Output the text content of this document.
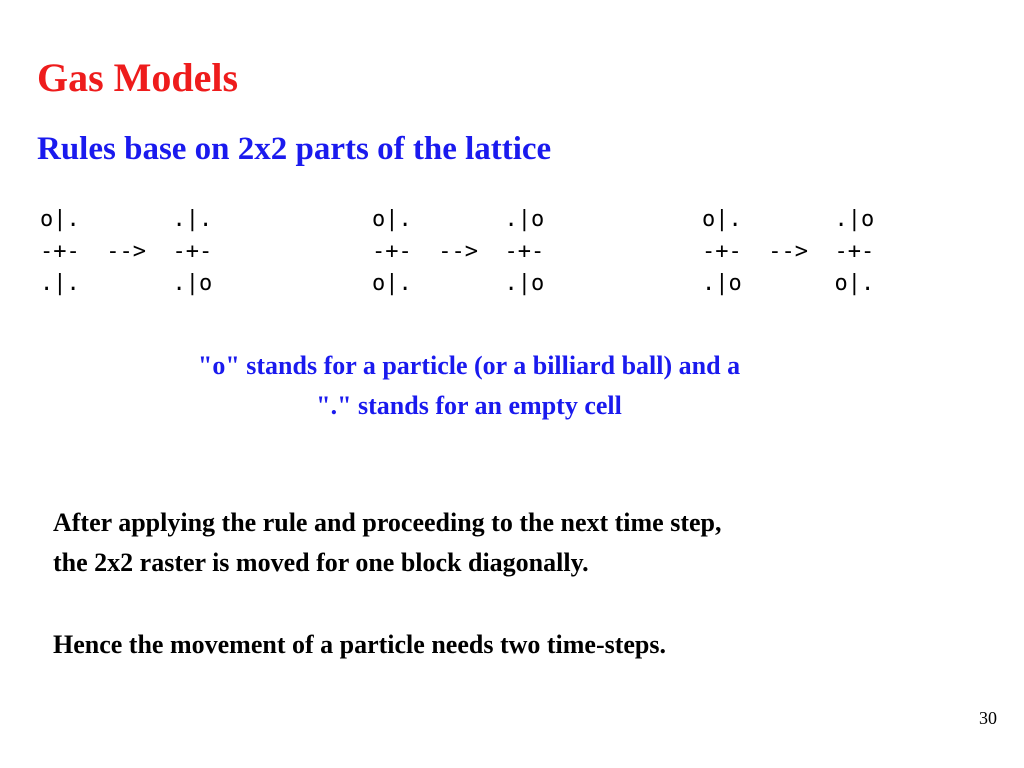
Gas Models
Rules base on 2x2 parts of the lattice
o|.       .|.
-+-  -->  -+-
.|.       .|o
o|.       .|o
-+-  -->  -+-
o|.       .|o
o|.       .|o
-+-  -->  -+-
.|o       o|.

"o" stands for a particle (or a billiard ball) and a
"." stands for an empty cell

After applying the rule and proceeding to the next time step,
the 2x2 raster is moved for one block diagonally.

Hence the movement of a particle needs two time-steps.

30
